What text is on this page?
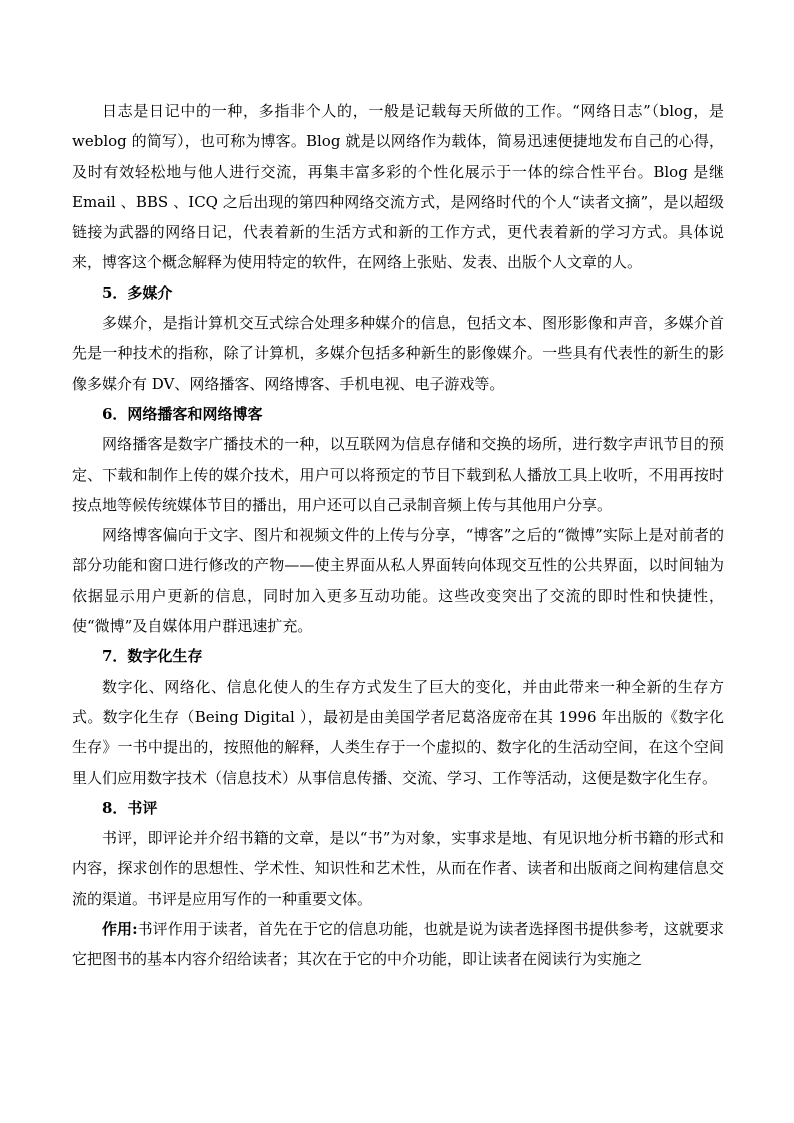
日志是日记中的一种，多指非个人的，一般是记载每天所做的工作。“网络日志”（blog，是 weblog 的简写），也可称为博客。Blog 就是以网络作为载体，简易迅速便捷地发布自己的心得，及时有效轻松地与他人进行交流，再集丰富多彩的个性化展示于一体的综合性平台。Blog 是继 Email 、BBS 、ICQ 之后出现的第四种网络交流方式，是网络时代的个人“读者文摘”，是以超级链接为武器的网络日记，代表着新的生活方式和新的工作方式，更代表着新的学习方式。具体说来，博客这个概念解释为使用特定的软件，在网络上张贴、发表、出版个人文章的人。

5．多媒介

多媒介，是指计算机交互式综合处理多种媒介的信息，包括文本、图形影像和声音，多媒介首先是一种技术的指称，除了计算机，多媒介包括多种新生的影像媒介。一些具有代表性的新生的影像多媒介有 DV、网络播客、网络博客、手机电视、电子游戏等。

6．网络播客和网络博客

网络播客是数字广播技术的一种，以互联网为信息存储和交换的场所，进行数字声讯节目的预定、下载和制作上传的媒介技术，用户可以将预定的节目下载到私人播放工具上收听，不用再按时按点地等候传统媒体节目的播出，用户还可以自己录制音频上传与其他用户分享。

网络博客偏向于文字、图片和视频文件的上传与分享，“博客”之后的“微博”实际上是对前者的部分功能和窗口进行修改的产物——使主界面从私人界面转向体现交互性的公共界面，以时间轴为依据显示用户更新的信息，同时加入更多互动功能。这些改变突出了交流的即时性和快捷性，使“微博”及自媒体用户群迅速扩充。

7．数字化生存

数字化、网络化、信息化使人的生存方式发生了巨大的变化，并由此带来一种全新的生存方式。数字化生存（Being Digital ），最初是由美国学者尼葛洛庞帝在其 1996 年出版的《数字化生存》一书中提出的，按照他的解释，人类生存于一个虚拟的、数字化的生活动空间，在这个空间里人们应用数字技术（信息技术）从事信息传播、交流、学习、工作等活动，这便是数字化生存。

8．书评

书评，即评论并介绍书籍的文章，是以“书”为对象，实事求是地、有见识地分析书籍的形式和内容，探求创作的思想性、学术性、知识性和艺术性，从而在作者、读者和出版商之间构建信息交流的渠道。书评是应用写作的一种重要文体。

作用:书评作用于读者，首先在于它的信息功能，也就是说为读者选择图书提供参考，这就要求它把图书的基本内容介绍给读者；其次在于它的中介功能，即让读者在阅读行为实施之
